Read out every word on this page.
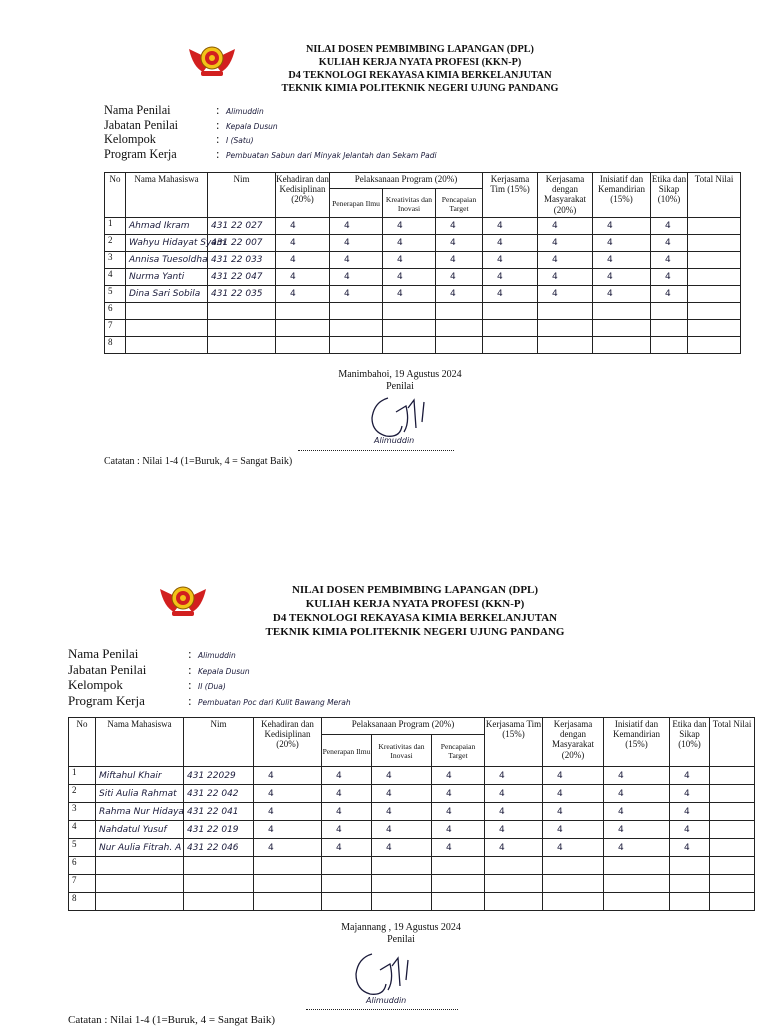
NILAI DOSEN PEMBIMBING LAPANGAN (DPL)
KULIAH KERJA NYATA PROFESI (KKN-P)
D4 TEKNOLOGI REKAYASA KIMIA BERKELANJUTAN
TEKNIK KIMIA POLITEKNIK NEGERI UJUNG PANDANG
Nama Penilai	: Alimuddin
Jabatan Penilai	: Kepala Dusun
Kelompok	: I (Satu)
Program Kerja	: Pembuatan Sabun dari Minyak Jelantah dan Sekam Padi
No	Nama Mahasiswa	Nim	Kehadiran dan Kedisiplinan (20%)	Pelaksanaan Program (20%)			Kerjasama Tim (15%)	Kerjasama dengan Masyarakat (20%)	Inisiatif dan Kemandirian (15%)	Etika dan Sikap (10%)	Total Nilai
				Penerapan Ilmu	Kreativitas dan Inovasi	Pencapaian Target					
1	Ahmad Ikram	431 22 027	4	4	4	4	4	4	4	4	
2	Wahyu Hidayat Syam	431 22 007	4	4	4	4	4	4	4	4	
3	Annisa Tuesoldha	431 22 033	4	4	4	4	4	4	4	4	
4	Nurma Yanti	431 22 047	4	4	4	4	4	4	4	4	
5	Dina Sari Sobila	431 22 035	4	4	4	4	4	4	4	4	
6											
7											
8											
Manimbahoi, 19 Agustus 2024
Penilai
Alimuddin
Catatan : Nilai 1-4 (1=Buruk, 4 = Sangat Baik)
NILAI DOSEN PEMBIMBING LAPANGAN (DPL)
KULIAH KERJA NYATA PROFESI (KKN-P)
D4 TEKNOLOGI REKAYASA KIMIA BERKELANJUTAN
TEKNIK KIMIA POLITEKNIK NEGERI UJUNG PANDANG
Nama Penilai	: Alimuddin
Jabatan Penilai	: Kepala Dusun
Kelompok	: II (Dua)
Program Kerja	: Pembuatan Poc dari Kulit Bawang Merah
No	Nama Mahasiswa	Nim	Kehadiran dan Kedisiplinan (20%)	Pelaksanaan Program (20%)			Kerjasama Tim (15%)	Kerjasama dengan Masyarakat (20%)	Inisiatif dan Kemandirian (15%)	Etika dan Sikap (10%)	Total Nilai
				Penerapan Ilmu	Kreativitas dan Inovasi	Pencapaian Target					
1	Miftahul Khair	431 22029	4	4	4	4	4	4	4	4	
2	Siti Aulia Rahmat	431 22 042	4	4	4	4	4	4	4	4	
3	Rahma Nur Hidaya	431 22 041	4	4	4	4	4	4	4	4	
4	Nahdatul Yusuf	431 22 019	4	4	4	4	4	4	4	4	
5	Nur Aulia Fitrah. A	431 22 046	4	4	4	4	4	4	4	4	
6											
7											
8											
Majannang , 19 Agustus 2024
Penilai
Alimuddin
Catatan : Nilai 1-4 (1=Buruk, 4 = Sangat Baik)
